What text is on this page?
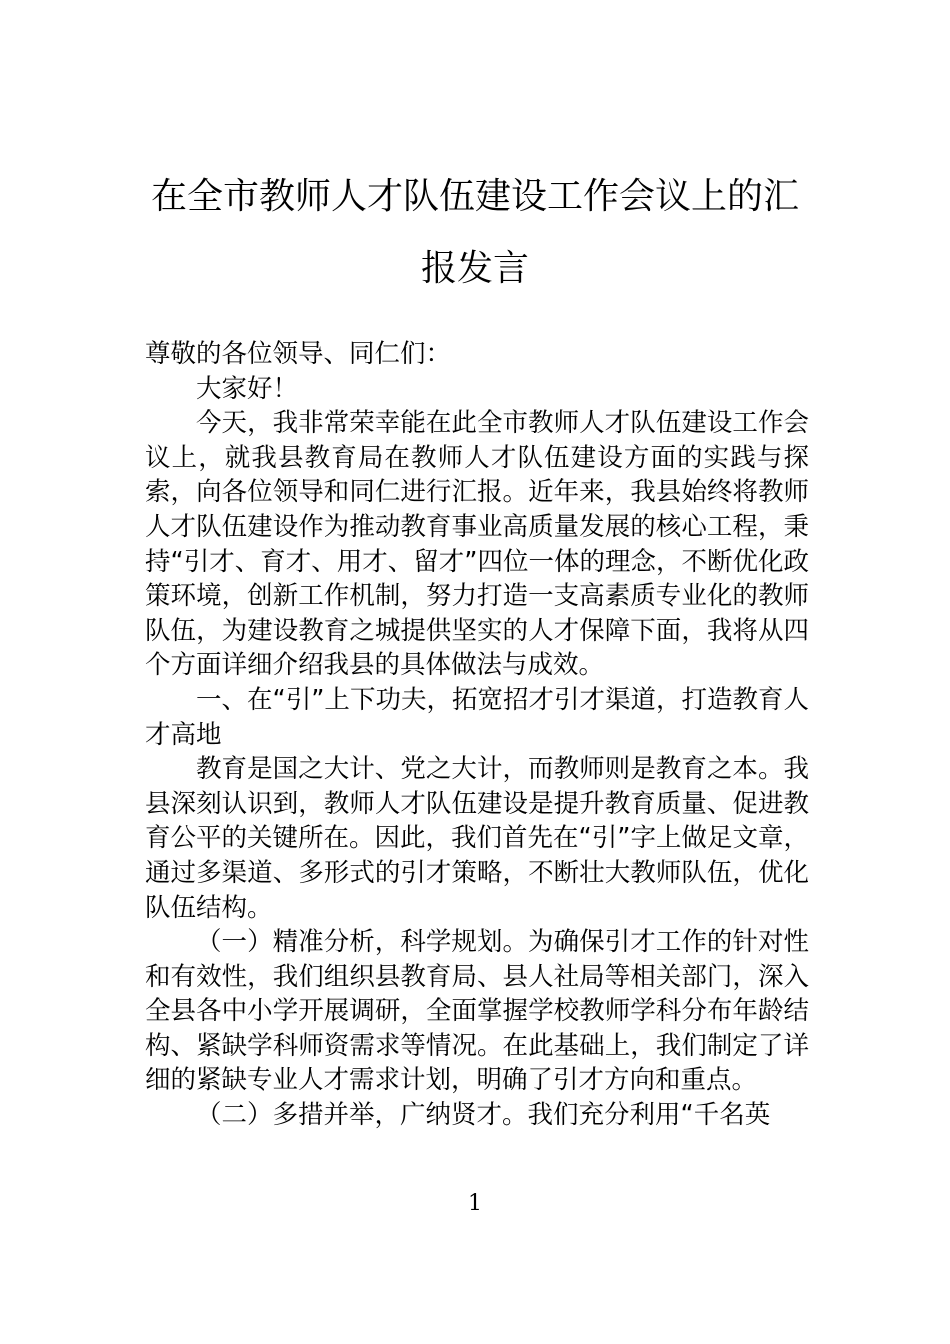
在全市教师人才队伍建设工作会议上的汇
报发言

尊敬的各位领导、同仁们：

大家好！

今天，我非常荣幸能在此全市教师人才队伍建设工作会议上，就我县教育局在教师人才队伍建设方面的实践与探索，向各位领导和同仁进行汇报。近年来，我县始终将教师人才队伍建设作为推动教育事业高质量发展的核心工程，秉持“引才、育才、用才、留才”四位一体的理念，不断优化政策环境，创新工作机制，努力打造一支高素质专业化的教师队伍，为建设教育之城提供坚实的人才保障下面，我将从四个方面详细介绍我县的具体做法与成效。

一、在“引”上下功夫，拓宽招才引才渠道，打造教育人才高地

教育是国之大计、党之大计，而教师则是教育之本。我县深刻认识到，教师人才队伍建设是提升教育质量、促进教育公平的关键所在。因此，我们首先在“引”字上做足文章，通过多渠道、多形式的引才策略，不断壮大教师队伍，优化队伍结构。

（一）精准分析，科学规划。为确保引才工作的针对性和有效性，我们组织县教育局、县人社局等相关部门，深入全县各中小学开展调研，全面掌握学校教师学科分布年龄结构、紧缺学科师资需求等情况。在此基础上，我们制定了详细的紧缺专业人才需求计划，明确了引才方向和重点。

（二）多措并举，广纳贤才。我们充分利用“千名英

1
